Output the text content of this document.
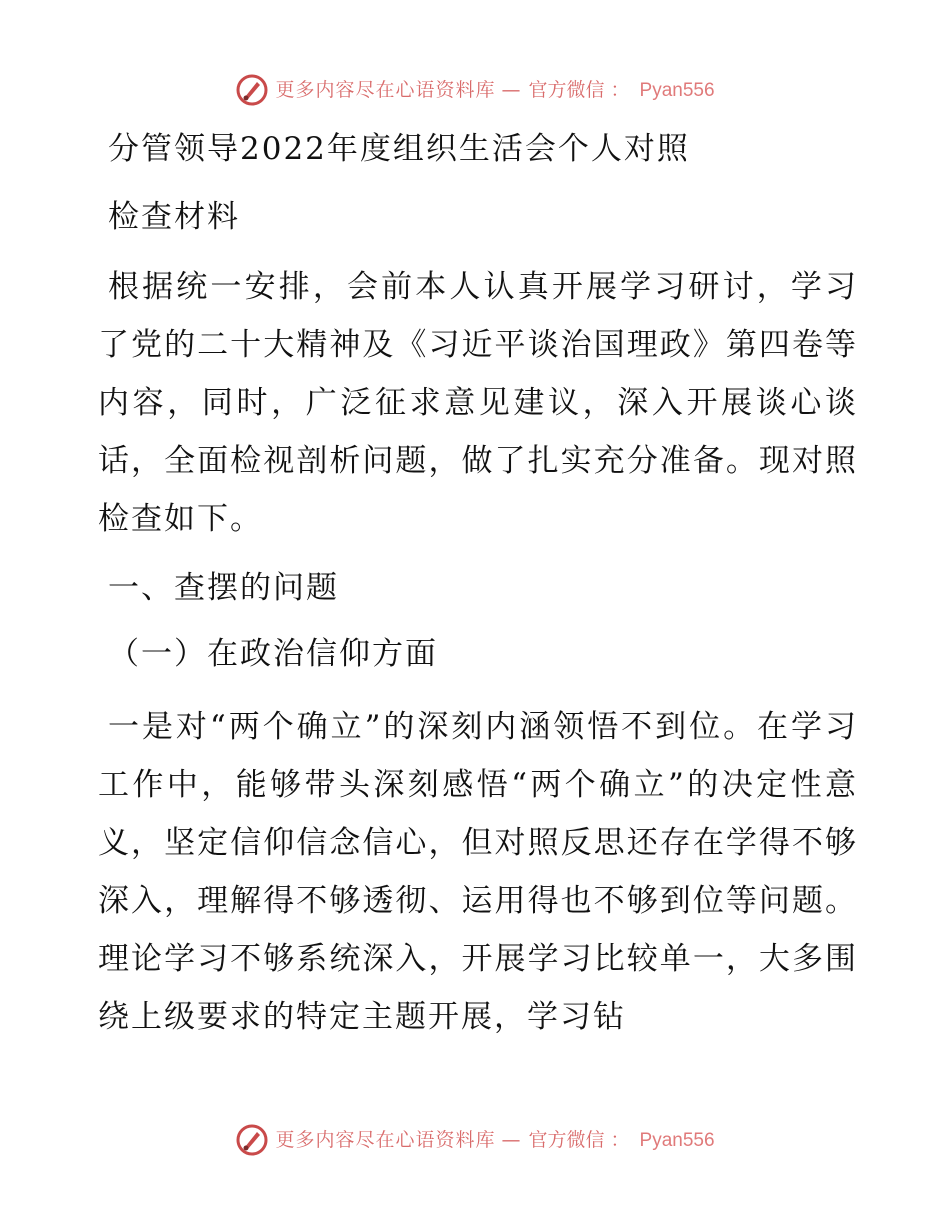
更多内容尽在心语资料库 — 官方微信 ： Pyan556

分管领导2022年度组织生活会个人对照

检查材料

根据统一安排，会前本人认真开展学习研讨，学习了党的二十大精神及《习近平谈治国理政》第四卷等内容，同时，广泛征求意见建议，深入开展谈心谈话，全面检视剖析问题，做了扎实充分准备。现对照检查如下。

一、查摆的问题

（一）在政治信仰方面

一是对“两个确立”的深刻内涵领悟不到位。在学习工作中，能够带头深刻感悟“两个确立”的决定性意义，坚定信仰信念信心，但对照反思还存在学得不够深入，理解得不够透彻、运用得也不够到位等问题。理论学习不够系统深入，开展学习比较单一，大多围绕上级要求的特定主题开展，学习钻

更多内容尽在心语资料库 — 官方微信 ： Pyan556
